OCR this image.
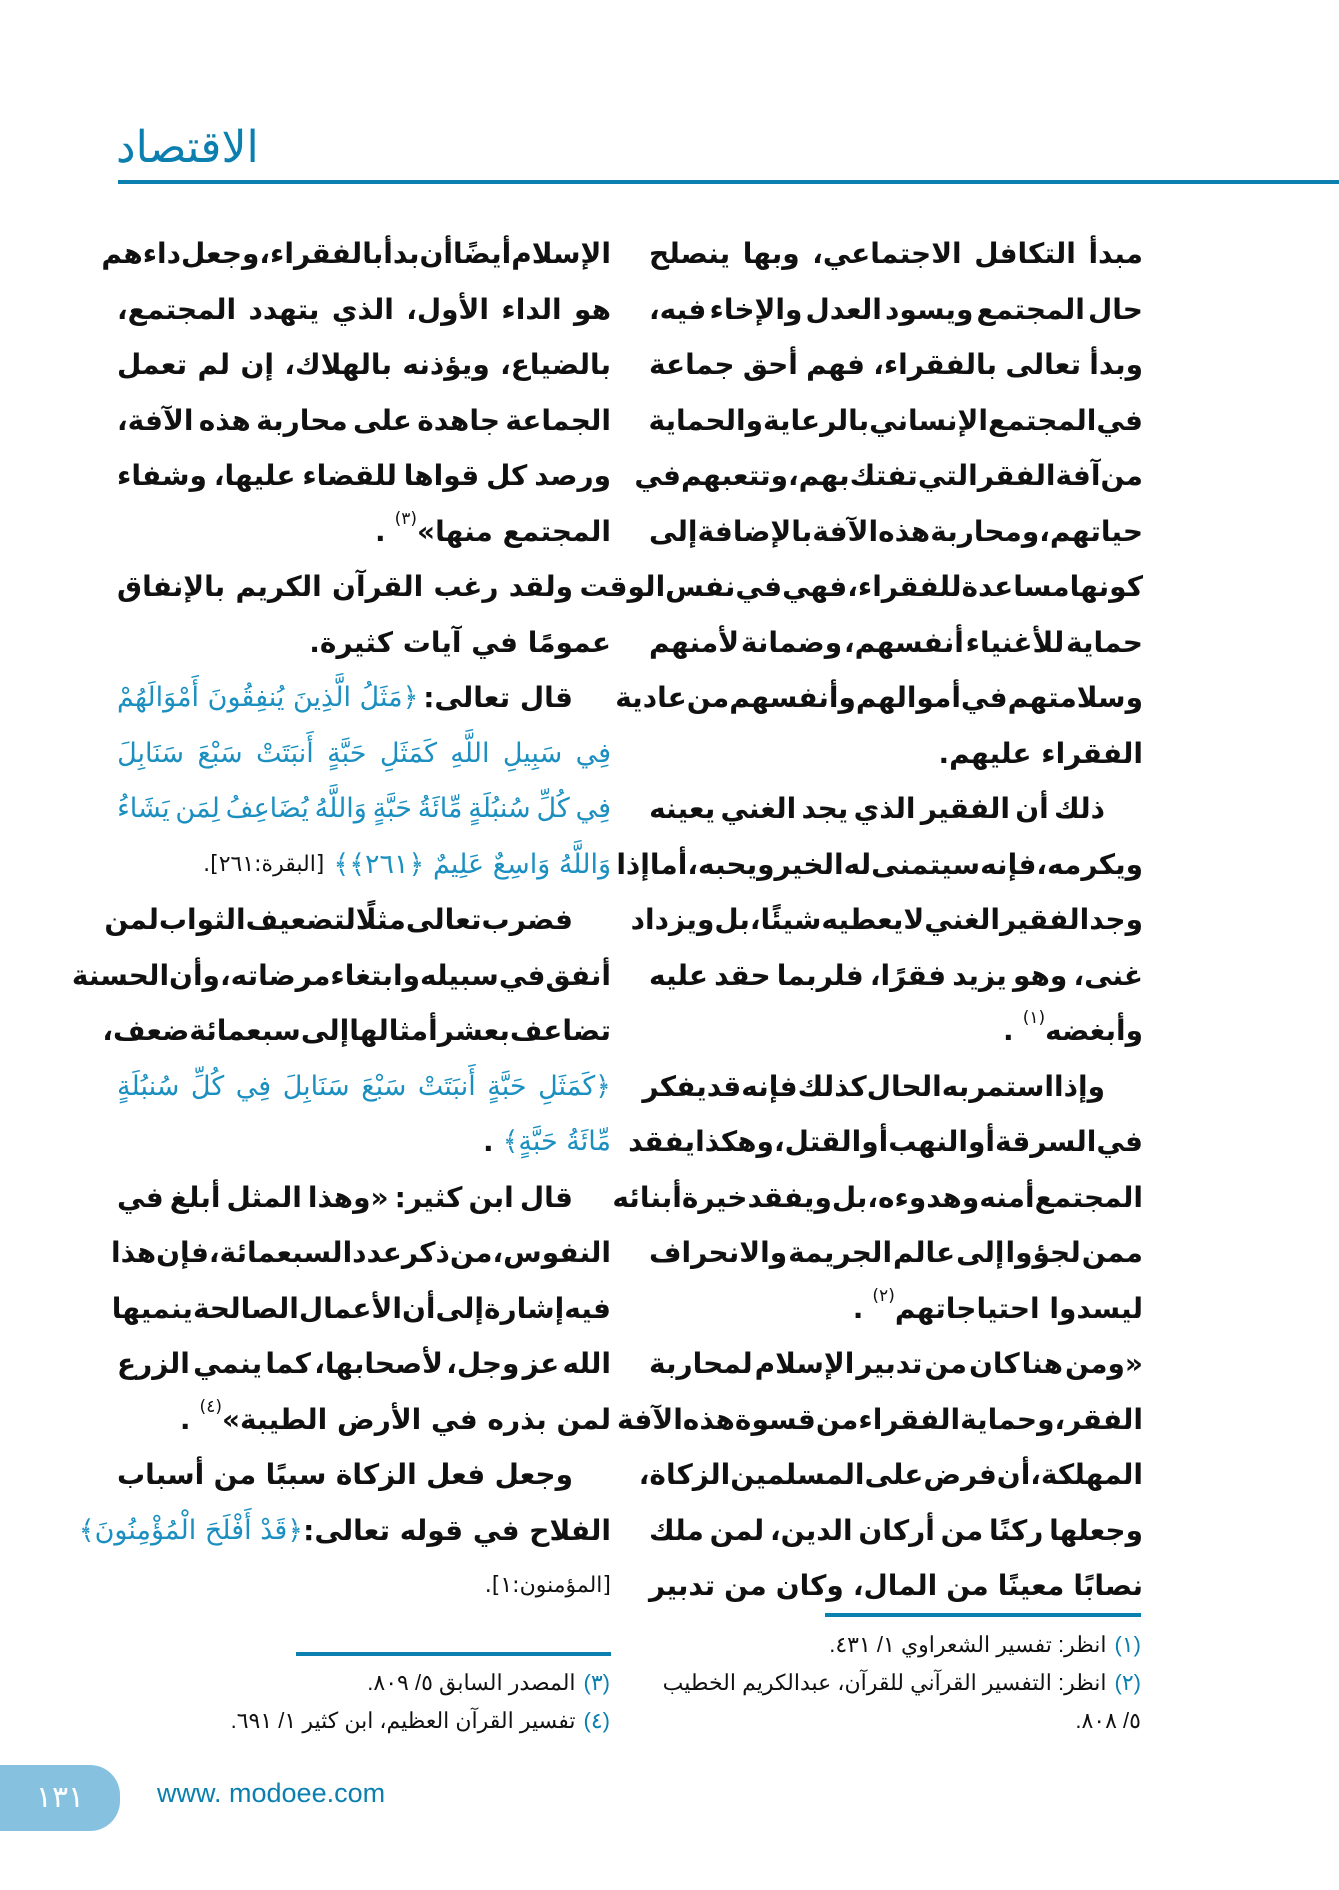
الاقتصاد
مبدأ
التكافل
الاجتماعي،
وبها
ينصلح
حال
المجتمع
ويسود
العدل
والإخاء
فيه،
وبدأ
تعالى
بالفقراء،
فهم
أحق
جماعة
في
المجتمع
الإنساني
بالرعاية
والحماية
من
آفة
الفقر
التي
تفتك
بهم،
وتتعبهم
في
حياتهم،
ومحاربة
هذه
الآفة
بالإضافة
إلى
كونها
مساعدة
للفقراء،
فهي
في
نفس
الوقت
حماية
للأغنياء
أنفسهم،
وضمانة
لأمنهم
وسلامتهم
في
أموالهم
وأنفسهم
من
عادية
الفقراء عليهم.
ذلك
أن
الفقير
الذي
يجد
الغني
يعينه
ويكرمه،
فإنه
سيتمنى
له
الخير
ويحبه،
أما
إذا
وجد
الفقير
الغني
لا
يعطيه
شيئًا،
بل
ويزداد
غنى،
وهو
يزيد
فقرًا،
فلربما
حقد
عليه
وأبغضه$^{(١)}$
.
وإذا
استمر
به
الحال
كذلك
فإنه
قد
يفكر
في
السرقة
أو
النهب
أو
القتل،
وهكذا
يفقد
المجتمع
أمنه
وهدوءه،
بل
ويفقد
خيرة
أبنائه
ممن
لجؤوا
إلى
عالم
الجريمة
والانحراف
ليسدوا احتياجاتهم$^{(٢)}$
.
«ومن
هنا
كان
من
تدبير
الإسلام
لمحاربة
الفقر،
وحماية
الفقراء
من
قسوة
هذه
الآفة
المهلكة،
أن
فرض
على
المسلمين
الزكاة،
وجعلها
ركنًا
من
أركان
الدين،
لمن
ملك
نصابًا
معينًا
من
المال،
وكان
من
تدبير
الإسلام
أيضًا
أن
بدأ
بالفقراء،
وجعل
داءهم
هو
الداء
الأول،
الذي
يتهدد
المجتمع،
بالضياع،
ويؤذنه
بالهلاك،
إن
لم
تعمل
الجماعة
جاهدة
على
محاربة
هذه
الآفة،
ورصد
كل
قواها
للقضاء
عليها،
وشفاء
المجتمع منها»$^{(٣)}$
.
ولقد
رغب
القرآن
الكريم
بالإنفاق
عمومًا في آيات كثيرة.
قال تعالى:
﴿مَثَلُ الَّذِينَ يُنفِقُونَ أَمْوَالَهُمْ
فِي
سَبِيلِ
اللَّهِ
كَمَثَلِ
حَبَّةٍ
أَنبَتَتْ
سَبْعَ
سَنَابِلَ
فِي
كُلِّ
سُنبُلَةٍ
مِّائَةُ
حَبَّةٍ
وَاللَّهُ
يُضَاعِفُ
لِمَن
يَشَاءُ
وَاللَّهُ وَاسِعٌ عَلِيمٌ ﴿٢٦١﴾﴾
[البقرة:٢٦١].
فضرب
تعالى
مثلًا
لتضعيف
الثواب
لمن
أنفق
في
سبيله
وابتغاء
مرضاته،
وأن
الحسنة
تضاعف
بعشر
أمثالها
إلى
سبعمائة
ضعف،
﴿كَمَثَلِ
حَبَّةٍ
أَنبَتَتْ
سَبْعَ
سَنَابِلَ
فِي
كُلِّ
سُنبُلَةٍ
مِّائَةُ حَبَّةٍ﴾
.
قال
ابن
كثير:
«وهذا
المثل
أبلغ
في
النفوس،
من
ذكر
عدد
السبعمائة،
فإن
هذا
فيه
إشارة
إلى
أن
الأعمال
الصالحة
ينميها
الله
عز
وجل،
لأصحابها،
كما
ينمي
الزرع
لمن بذره في الأرض الطيبة»$^{(٤)}$
.
وجعل
فعل
الزكاة
سببًا
من
أسباب
الفلاح في قوله تعالى:
﴿قَدْ أَفْلَحَ الْمُؤْمِنُونَ﴾
[المؤمنون:١].
(١)انظر: تفسير الشعراوي ١/ ٤٣١.
(٢)انظر: التفسير القرآني للقرآن، عبدالكريم الخطيب ٥/ ٨٠٨.
(٣)المصدر السابق ٥/ ٨٠٩.
(٤)تفسير القرآن العظيم، ابن كثير ١/ ٦٩١.
١٣١	www. modoee.com
